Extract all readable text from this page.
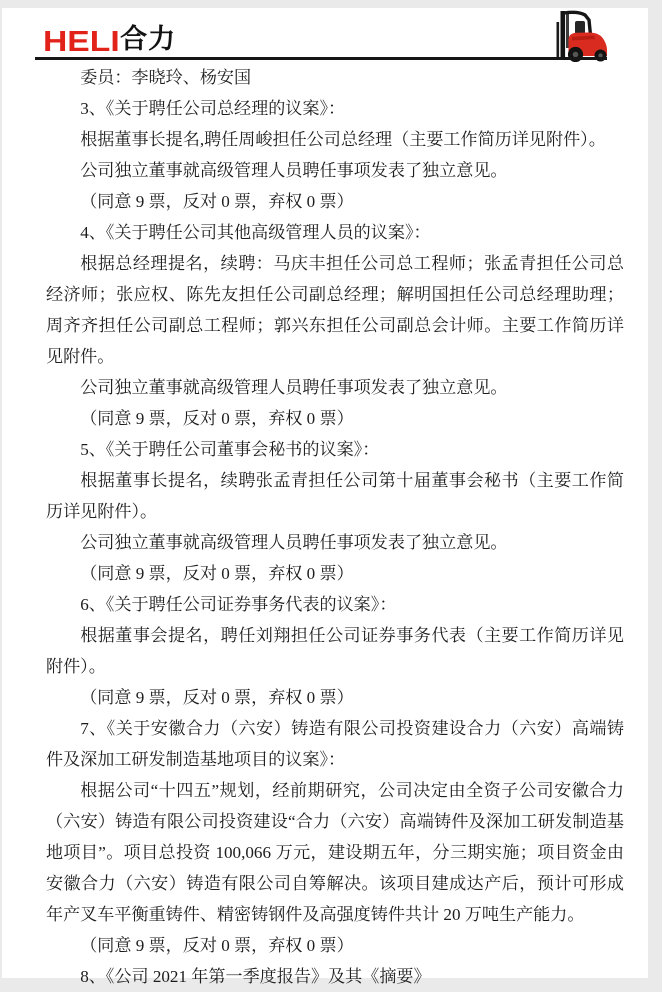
HELI 合力

委员：李晓玲、杨安国

3、《关于聘任公司总经理的议案》：

根据董事长提名,聘任周峻担任公司总经理（主要工作简历详见附件）。

公司独立董事就高级管理人员聘任事项发表了独立意见。

（同意 9 票，反对 0 票，弃权 0 票）

4、《关于聘任公司其他高级管理人员的议案》：

根据总经理提名，续聘：马庆丰担任公司总工程师；张孟青担任公司总经济师；张应权、陈先友担任公司副总经理；解明国担任公司总经理助理；周齐齐担任公司副总工程师；郭兴东担任公司副总会计师。主要工作简历详见附件。

公司独立董事就高级管理人员聘任事项发表了独立意见。

（同意 9 票，反对 0 票，弃权 0 票）

5、《关于聘任公司董事会秘书的议案》：

根据董事长提名，续聘张孟青担任公司第十届董事会秘书（主要工作简历详见附件）。

公司独立董事就高级管理人员聘任事项发表了独立意见。

（同意 9 票，反对 0 票，弃权 0 票）

6、《关于聘任公司证券事务代表的议案》：

根据董事会提名，聘任刘翔担任公司证券事务代表（主要工作简历详见附件）。

（同意 9 票，反对 0 票，弃权 0 票）

7、《关于安徽合力（六安）铸造有限公司投资建设合力（六安）高端铸件及深加工研发制造基地项目的议案》：

根据公司“十四五”规划，经前期研究，公司决定由全资子公司安徽合力（六安）铸造有限公司投资建设“合力（六安）高端铸件及深加工研发制造基地项目”。项目总投资 100,066 万元，建设期五年，分三期实施；项目资金由安徽合力（六安）铸造有限公司自筹解决。该项目建成达产后，预计可形成年产叉车平衡重铸件、精密铸钢件及高强度铸件共计 20 万吨生产能力。

（同意 9 票，反对 0 票，弃权 0 票）

8、《公司 2021 年第一季度报告》及其《摘要》
